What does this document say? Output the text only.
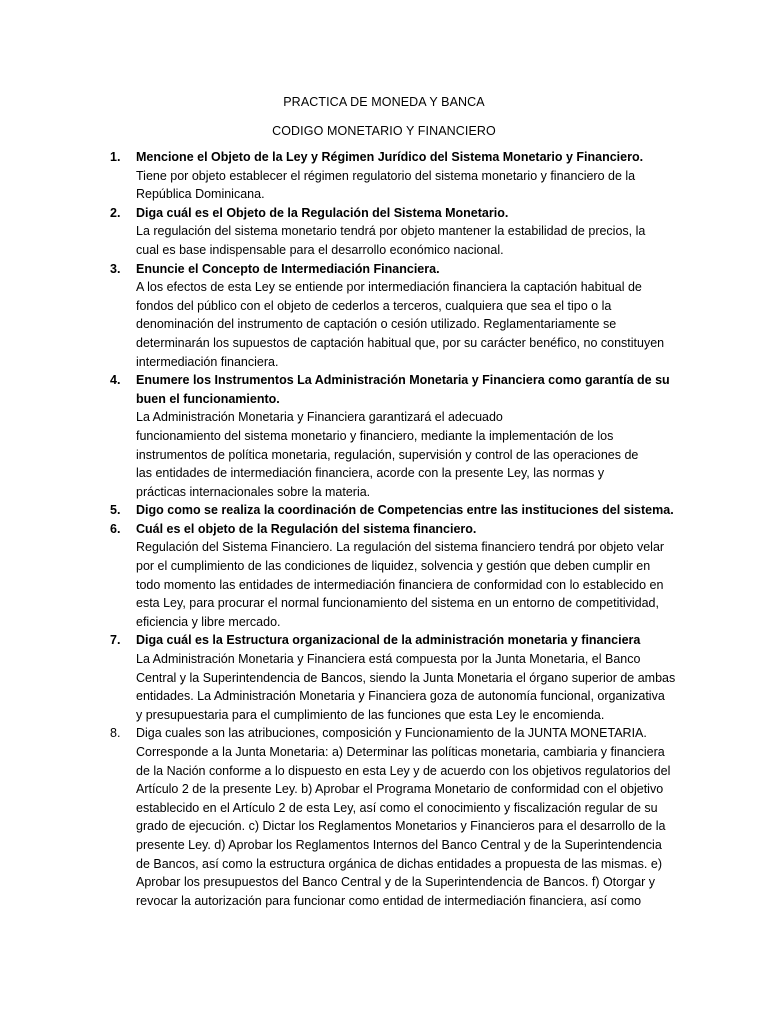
PRACTICA DE MONEDA Y BANCA
CODIGO MONETARIO Y FINANCIERO
1. Mencione el Objeto de la Ley y Régimen Jurídico del Sistema Monetario y Financiero.
Tiene por objeto establecer el régimen regulatorio del sistema monetario y financiero de la
República Dominicana.
2. Diga cuál es el Objeto de la Regulación del Sistema Monetario.
La regulación del sistema monetario tendrá por objeto mantener la estabilidad de precios, la
cual es base indispensable para el desarrollo económico nacional.
3. Enuncie el Concepto de Intermediación Financiera.
A los efectos de esta Ley se entiende por intermediación financiera la captación habitual de
fondos del público con el objeto de cederlos a terceros, cualquiera que sea el tipo o la
denominación del instrumento de captación o cesión utilizado. Reglamentariamente se
determinarán los supuestos de captación habitual que, por su carácter benéfico, no constituyen
intermediación financiera.
4. Enumere los Instrumentos La Administración Monetaria y Financiera como garantía de su
buen el funcionamiento.
La Administración Monetaria y Financiera garantizará el adecuado
funcionamiento del sistema monetario y financiero, mediante la implementación de los
instrumentos de política monetaria, regulación, supervisión y control de las operaciones de
las entidades de intermediación financiera, acorde con la presente Ley, las normas y
prácticas internacionales sobre la materia.
5. Digo como se realiza la coordinación de Competencias entre las instituciones del sistema.
6. Cuál es el objeto de la Regulación del sistema financiero.
Regulación del Sistema Financiero. La regulación del sistema financiero tendrá por objeto velar
por el cumplimiento de las condiciones de liquidez, solvencia y gestión que deben cumplir en
todo momento las entidades de intermediación financiera de conformidad con lo establecido en
esta Ley, para procurar el normal funcionamiento del sistema en un entorno de competitividad,
eficiencia y libre mercado.
7. Diga cuál es la Estructura organizacional de la administración monetaria y financiera
La Administración Monetaria y Financiera está compuesta por la Junta Monetaria, el Banco
Central y la Superintendencia de Bancos, siendo la Junta Monetaria el órgano superior de ambas
entidades. La Administración Monetaria y Financiera goza de autonomía funcional, organizativa
y presupuestaria para el cumplimiento de las funciones que esta Ley le encomienda.
8. Diga cuales son las atribuciones, composición y Funcionamiento de la JUNTA MONETARIA.
Corresponde a la Junta Monetaria: a) Determinar las políticas monetaria, cambiaria y financiera
de la Nación conforme a lo dispuesto en esta Ley y de acuerdo con los objetivos regulatorios del
Artículo 2 de la presente Ley. b) Aprobar el Programa Monetario de conformidad con el objetivo
establecido en el Artículo 2 de esta Ley, así como el conocimiento y fiscalización regular de su
grado de ejecución. c) Dictar los Reglamentos Monetarios y Financieros para el desarrollo de la
presente Ley. d) Aprobar los Reglamentos Internos del Banco Central y de la Superintendencia
de Bancos, así como la estructura orgánica de dichas entidades a propuesta de las mismas. e)
Aprobar los presupuestos del Banco Central y de la Superintendencia de Bancos. f) Otorgar y
revocar la autorización para funcionar como entidad de intermediación financiera, así como
